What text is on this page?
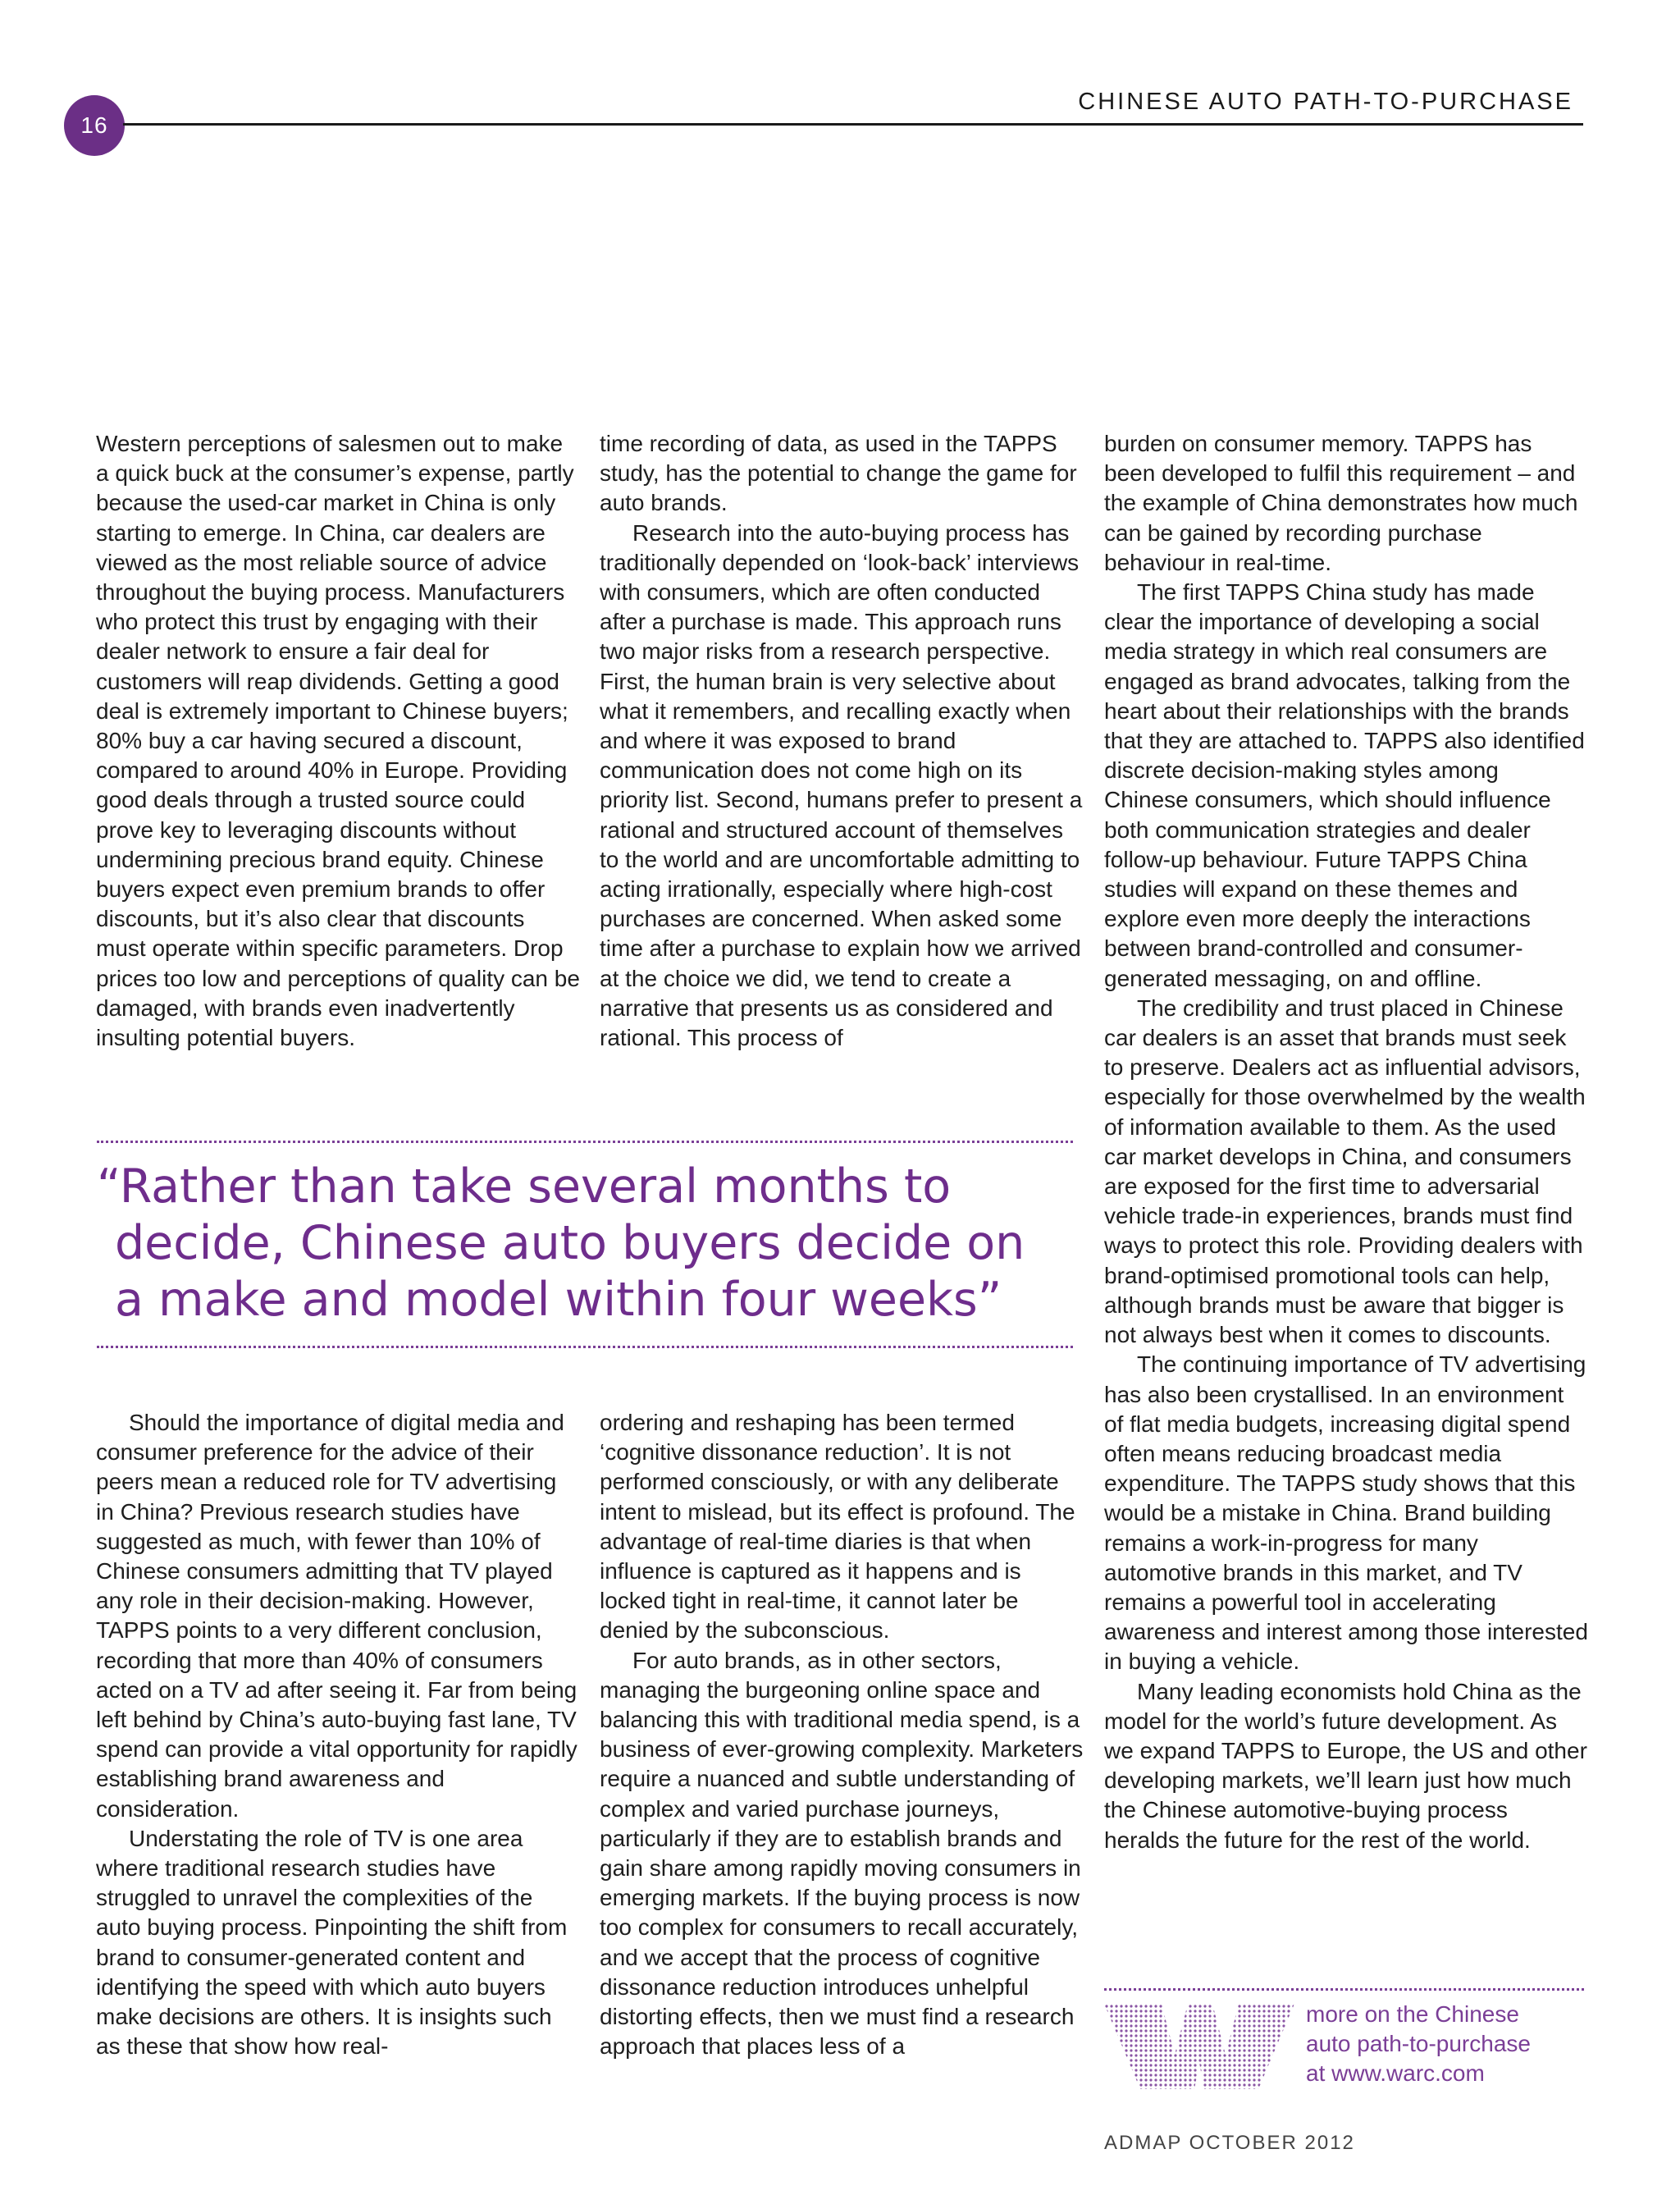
16
CHINESE AUTO PATH-TO-PURCHASE

Western perceptions of salesmen out to make a quick buck at the consumer’s expense, partly because the used-car market in China is only starting to emerge. In China, car dealers are viewed as the most reliable source of advice throughout the buying process. Manufacturers who protect this trust by engaging with their dealer network to ensure a fair deal for customers will reap dividends. Getting a good deal is extremely important to Chinese buyers; 80% buy a car having secured a discount, compared to around 40% in Europe. Providing good deals through a trusted source could prove key to leveraging discounts without undermining precious brand equity. Chinese buyers expect even premium brands to offer discounts, but it’s also clear that discounts must operate within specific parameters. Drop prices too low and perceptions of quality can be damaged, with brands even inadvertently insulting potential buyers.

time recording of data, as used in the TAPPS study, has the potential to change the game for auto brands.

Research into the auto-buying process has traditionally depended on ‘look-back’ interviews with consumers, which are often conducted after a purchase is made. This approach runs two major risks from a research perspective. First, the human brain is very selective about what it remembers, and recalling exactly when and where it was exposed to brand communication does not come high on its priority list. Second, humans prefer to present a rational and structured account of themselves to the world and are uncomfortable admitting to acting irrationally, especially where high-cost purchases are concerned. When asked some time after a purchase to explain how we arrived at the choice we did, we tend to create a narrative that presents us as considered and rational. This process of

burden on consumer memory. TAPPS has been developed to fulfil this requirement – and the example of China demonstrates how much can be gained by recording purchase behaviour in real-time.

The first TAPPS China study has made clear the importance of developing a social media strategy in which real consumers are engaged as brand advocates, talking from the heart about their relationships with the brands that they are attached to. TAPPS also identified discrete decision-making styles among Chinese consumers, which should influence both communication strategies and dealer follow-up behaviour. Future TAPPS China studies will expand on these themes and explore even more deeply the interactions between brand-controlled and consumer-generated messaging, on and offline.

The credibility and trust placed in Chinese car dealers is an asset that brands must seek to preserve. Dealers act as influential advisors, especially for those overwhelmed by the wealth of information available to them. As the used car market develops in China, and consumers are exposed for the first time to adversarial vehicle trade-in experiences, brands must find ways to protect this role. Providing dealers with brand-optimised promotional tools can help, although brands must be aware that bigger is not always best when it comes to discounts.

The continuing importance of TV advertising has also been crystallised. In an environment of flat media budgets, increasing digital spend often means reducing broadcast media expenditure. The TAPPS study shows that this would be a mistake in China. Brand building remains a work-in-progress for many automotive brands in this market, and TV remains a powerful tool in accelerating awareness and interest among those interested in buying a vehicle.

Many leading economists hold China as the model for the world’s future development. As we expand TAPPS to Europe, the US and other developing markets, we’ll learn just how much the Chinese automotive-buying process heralds the future for the rest of the world.

“Rather than take several months to
decide, Chinese auto buyers decide on
a make and model within four weeks”

Should the importance of digital media and consumer preference for the advice of their peers mean a reduced role for TV advertising in China? Previous research studies have suggested as much, with fewer than 10% of Chinese consumers admitting that TV played any role in their decision-making. However, TAPPS points to a very different conclusion, recording that more than 40% of consumers acted on a TV ad after seeing it. Far from being left behind by China’s auto-buying fast lane, TV spend can provide a vital opportunity for rapidly establishing brand awareness and consideration.

Understating the role of TV is one area where traditional research studies have struggled to unravel the complexities of the auto buying process. Pinpointing the shift from brand to consumer-generated content and identifying the speed with which auto buyers make decisions are others. It is insights such as these that show how real-

ordering and reshaping has been termed ‘cognitive dissonance reduction’. It is not performed consciously, or with any deliberate intent to mislead, but its effect is profound. The advantage of real-time diaries is that when influence is captured as it happens and is locked tight in real-time, it cannot later be denied by the subconscious.

For auto brands, as in other sectors, managing the burgeoning online space and balancing this with traditional media spend, is a business of ever-growing complexity. Marketers require a nuanced and subtle understanding of complex and varied purchase journeys, particularly if they are to establish brands and gain share among rapidly moving consumers in emerging markets. If the buying process is now too complex for consumers to recall accurately, and we accept that the process of cognitive dissonance reduction introduces unhelpful distorting effects, then we must find a research approach that places less of a

more on the Chinese
auto path-to-purchase
at www.warc.com
ADMAP OCTOBER 2012
